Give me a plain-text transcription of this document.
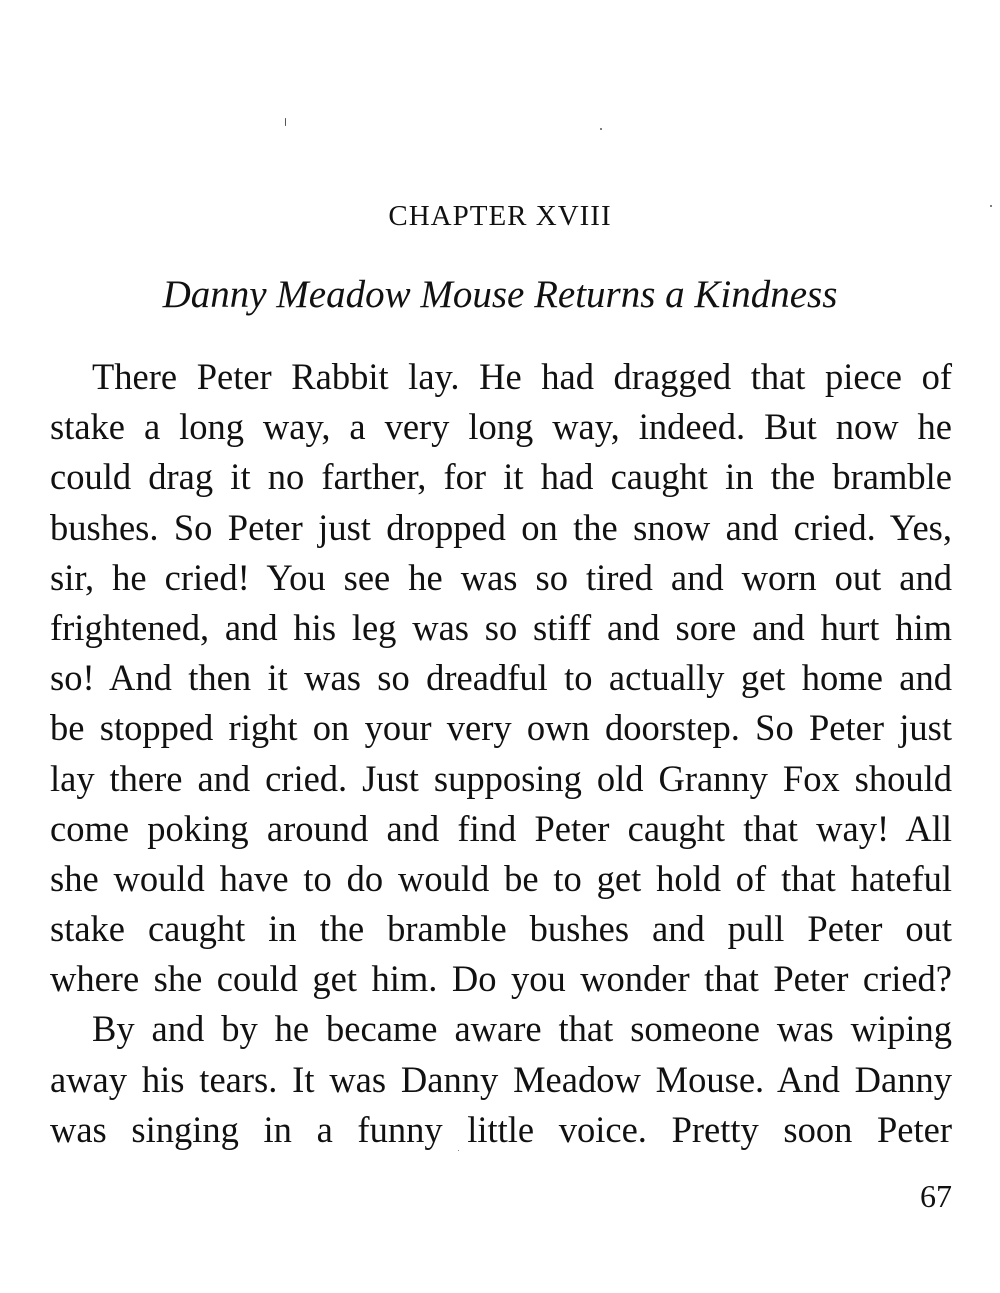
CHAPTER XVIII
Danny Meadow Mouse Returns a Kindness
There Peter Rabbit lay. He had dragged that piece of
stake a long way, a very long way, indeed. But now he
could drag it no farther, for it had caught in the bramble
bushes. So Peter just dropped on the snow and cried. Yes,
sir, he cried! You see he was so tired and worn out and
frightened, and his leg was so stiff and sore and hurt him
so! And then it was so dreadful to actually get home and
be stopped right on your very own doorstep. So Peter just
lay there and cried. Just supposing old Granny Fox should
come poking around and find Peter caught that way! All
she would have to do would be to get hold of that hateful
stake caught in the bramble bushes and pull Peter out
where she could get him. Do you wonder that Peter cried?
By and by he became aware that someone was wiping
away his tears. It was Danny Meadow Mouse. And Danny
was singing in a funny little voice. Pretty soon Peter
67
